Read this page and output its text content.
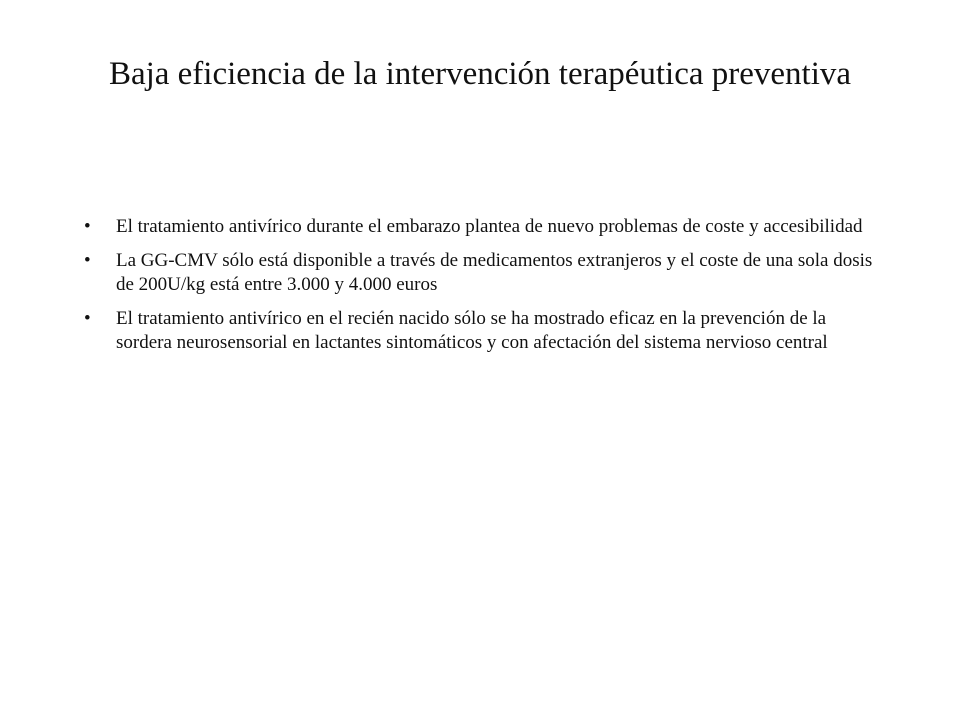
Baja eficiencia de la intervención terapéutica preventiva
• El tratamiento antivírico durante el embarazo plantea de nuevo problemas de coste y accesibilidad
• La GG-CMV sólo está disponible a través de medicamentos extranjeros y el coste de una sola dosis de 200U/kg está entre 3.000 y 4.000 euros
• El tratamiento antivírico en el recién nacido sólo se ha mostrado eficaz en la prevención de la sordera neurosensorial en lactantes sintomáticos y con afectación del sistema nervioso central
